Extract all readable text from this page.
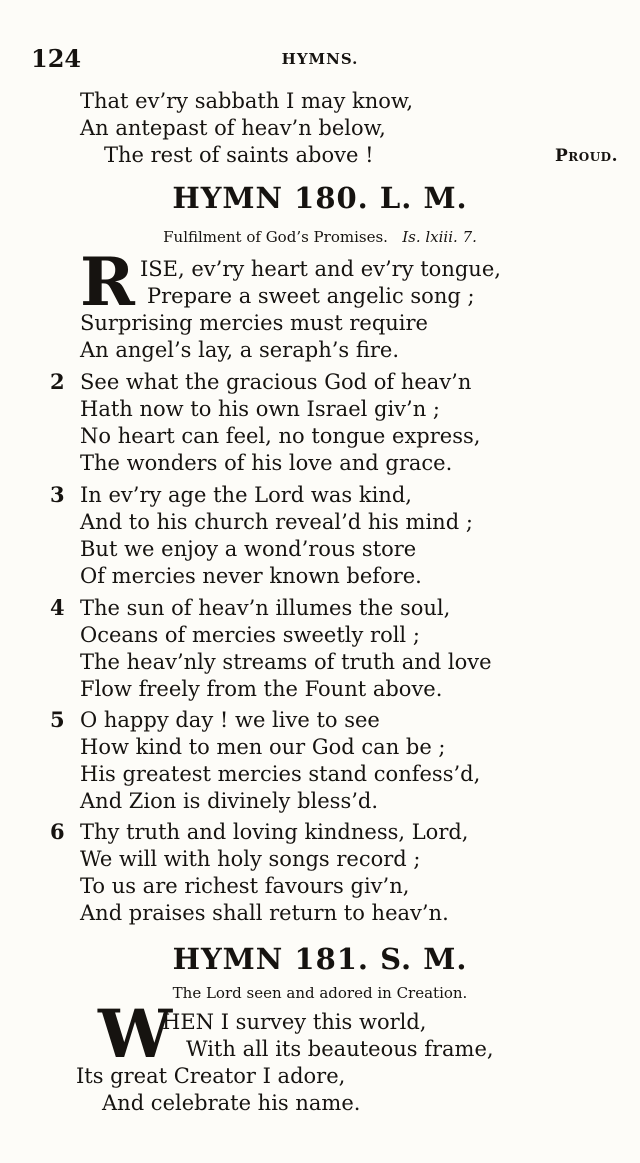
124	HYMNS.
That ev’ry sabbath I may know,
An antepast of heav’n below,
The rest of saints above !	Proud.
HYMN 180. L. M.
Fulfilment of God’s Promises. Is. lxiii. 7.
R ISE, ev’ry heart and ev’ry tongue,
Prepare a sweet angelic song ;
Surprising mercies must require
An angel’s lay, a seraph’s fire.
2 See what the gracious God of heav’n
Hath now to his own Israel giv’n ;
No heart can feel, no tongue express,
The wonders of his love and grace.
3 In ev’ry age the Lord was kind,
And to his church reveal’d his mind ;
But we enjoy a wond’rous store
Of mercies never known before.
4 The sun of heav’n illumes the soul,
Oceans of mercies sweetly roll ;
The heav’nly streams of truth and love
Flow freely from the Fount above.
5 O happy day ! we live to see
How kind to men our God can be ;
His greatest mercies stand confess’d,
And Zion is divinely bless’d.
6 Thy truth and loving kindness, Lord,
We will with holy songs record ;
To us are richest favours giv’n,
And praises shall return to heav’n.
HYMN 181. S. M.
The Lord seen and adored in Creation.
W
HEN I survey this world,
With all its beauteous frame,
Its great Creator I adore,
And celebrate his name.
